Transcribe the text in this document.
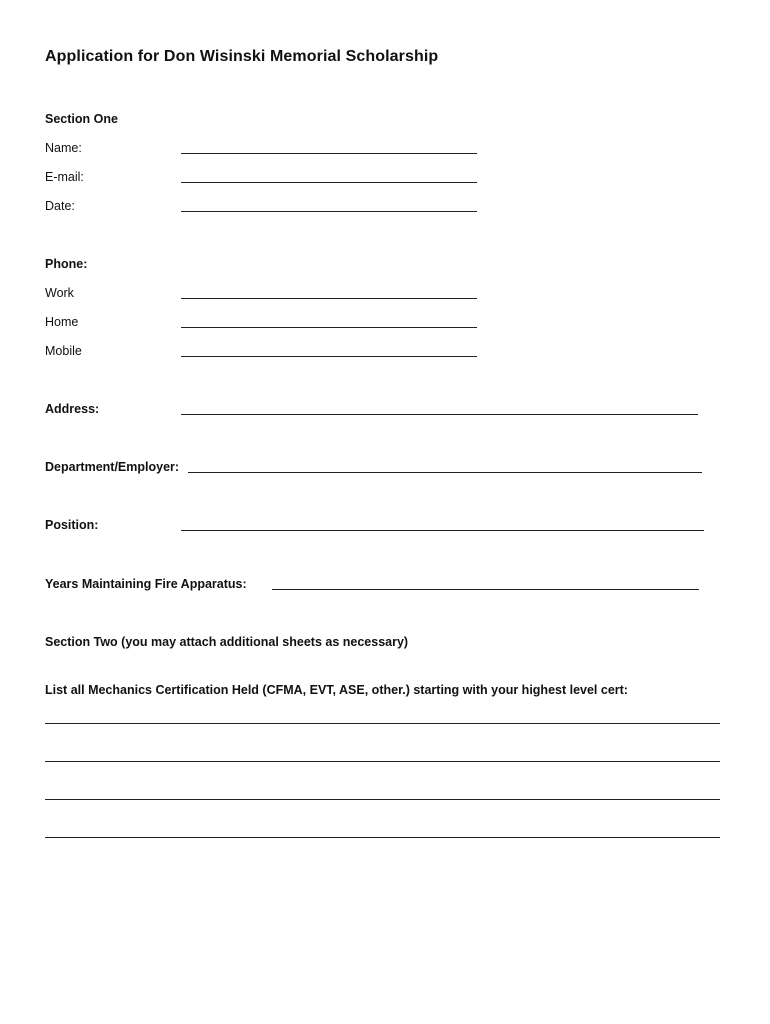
Application for Don Wisinski Memorial Scholarship
Section One
Name:
E-mail:
Date:
Phone:
Work
Home
Mobile
Address:
Department/Employer:
Position:
Years Maintaining Fire Apparatus:
Section Two (you may attach additional sheets as necessary)
List all Mechanics Certification Held (CFMA, EVT, ASE, other.) starting with your highest level cert:
